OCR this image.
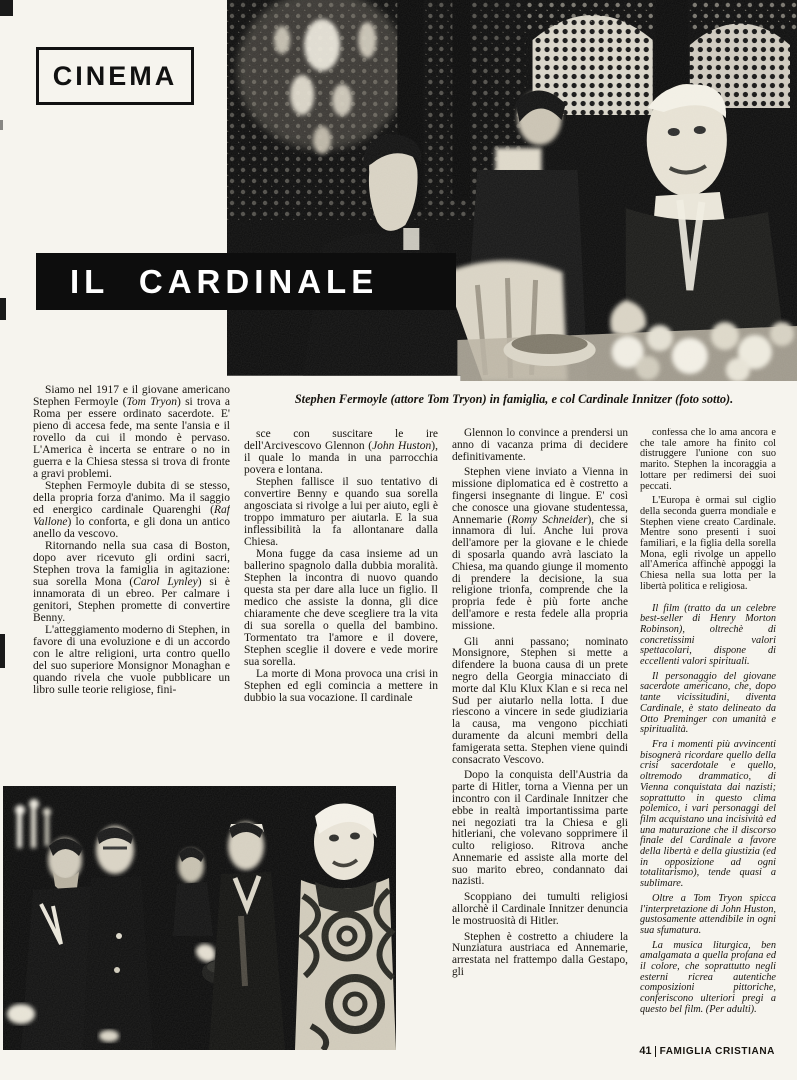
CINEMA
IL CARDINALE
Stephen Fermoyle (attore Tom Tryon) in famiglia, e col Cardinale Innitzer (foto sotto).

Siamo nel 1917 e il giovane americano Stephen Fermoyle (Tom Tryon) si trova a Roma per essere ordinato sacerdote. E' pieno di accesa fede, ma sente l'ansia e il rovello da cui il mondo è pervaso. L'America è incerta se entrare o no in guerra e la Chiesa stessa si trova di fronte a gravi problemi.

Stephen Fermoyle dubita di se stesso, della propria forza d'animo. Ma il saggio ed energico cardinale Quarenghi (Raf Vallone) lo conforta, e gli dona un antico anello da vescovo.

Ritornando nella sua casa di Boston, dopo aver ricevuto gli ordini sacri, Stephen trova la famiglia in agitazione: sua sorella Mona (Carol Lynley) si è innamorata di un ebreo. Per calmare i genitori, Stephen promette di convertire Benny.

L'atteggiamento moderno di Stephen, in favore di una evoluzione e di un accordo con le altre religioni, urta contro quello del suo superiore Monsignor Monaghan e quando rivela che vuole pubblicare un libro sulle teorie religiose, fini-

sce con suscitare le ire dell'Arcivescovo Glennon (John Huston), il quale lo manda in una parrocchia povera e lontana.

Stephen fallisce il suo tentativo di convertire Benny e quando sua sorella angosciata si rivolge a lui per aiuto, egli è troppo immaturo per aiutarla. E la sua inflessibilità la fa allontanare dalla Chiesa.

Mona fugge da casa insieme ad un ballerino spagnolo dalla dubbia moralità. Stephen la incontra di nuovo quando questa sta per dare alla luce un figlio. Il medico che assiste la donna, gli dice chiaramente che deve scegliere tra la vita di sua sorella o quella del bambino. Tormentato tra l'amore e il dovere, Stephen sceglie il dovere e vede morire sua sorella.

La morte di Mona provoca una crisi in Stephen ed egli comincia a mettere in dubbio la sua vocazione. Il cardinale

Glennon lo convince a prendersi un anno di vacanza prima di decidere definitivamente.

Stephen viene inviato a Vienna in missione diplomatica ed è costretto a fingersi insegnante di lingue. E' così che conosce una giovane studentessa, Annemarie (Romy Schneider), che si innamora di lui. Anche lui prova dell'amore per la giovane e le chiede di sposarla quando avrà lasciato la Chiesa, ma quando giunge il momento di prendere la decisione, la sua religione trionfa, comprende che la propria fede è più forte anche dell'amore e resta fedele alla propria missione.

Gli anni passano; nominato Monsignore, Stephen si mette a difendere la buona causa di un prete negro della Georgia minacciato di morte dal Klu Klux Klan e si reca nel Sud per aiutarlo nella lotta. I due riescono a vincere in sede giudiziaria la causa, ma vengono picchiati duramente da alcuni membri della famigerata setta. Stephen viene quindi consacrato Vescovo.

Dopo la conquista dell'Austria da parte di Hitler, torna a Vienna per un incontro con il Cardinale Innitzer che ebbe in realtà importantissima parte nei negoziati tra la Chiesa e gli hitleriani, che volevano sopprimere il culto religioso. Ritrova anche Annemarie ed assiste alla morte del suo marito ebreo, condannato dai nazisti.

Scoppiano dei tumulti religiosi allorchè il Cardinale Innitzer denuncia le mostruosità di Hitler.

Stephen è costretto a chiudere la Nunziatura austriaca ed Annemarie, arrestata nel frattempo dalla Gestapo, gli

confessa che lo ama ancora e che tale amore ha finito col distruggere l'unione con suo marito. Stephen la incoraggia a lottare per redimersi dei suoi peccati.

L'Europa è ormai sul ciglio della seconda guerra mondiale e Stephen viene creato Cardinale. Mentre sono presenti i suoi familiari, e la figlia della sorella Mona, egli rivolge un appello all'America affinchè appoggi la Chiesa nella sua lotta per la libertà politica e religiosa.

Il film (tratto da un celebre best-seller di Henry Morton Robinson), oltrechè di concretissimi valori spettacolari, dispone di eccellenti valori spirituali.

Il personaggio del giovane sacerdote americano, che, dopo tante vicissitudini, diventa Cardinale, è stato delineato da Otto Preminger con umanità e spiritualità.

Fra i momenti più avvincenti bisognerà ricordare quello della crisi sacerdotale e quello, oltremodo drammatico, di Vienna conquistata dai nazisti; soprattutto in questo clima polemico, i vari personaggi del film acquistano una incisività ed una maturazione che il discorso finale del Cardinale a favore della libertà e della giustizia (ed in opposizione ad ogni totalitarismo), tende quasi a sublimare.

Oltre a Tom Tryon spicca l'interpretazione di John Huston, gustosamente attendibile in ogni sua sfumatura.

La musica liturgica, ben amalgamata a quella profana ed il colore, che soprattutto negli esterni ricrea autentiche composizioni pittoriche, conferiscono ulteriori pregi a questo bel film. (Per adulti).

41 FAMIGLIA CRISTIANA
